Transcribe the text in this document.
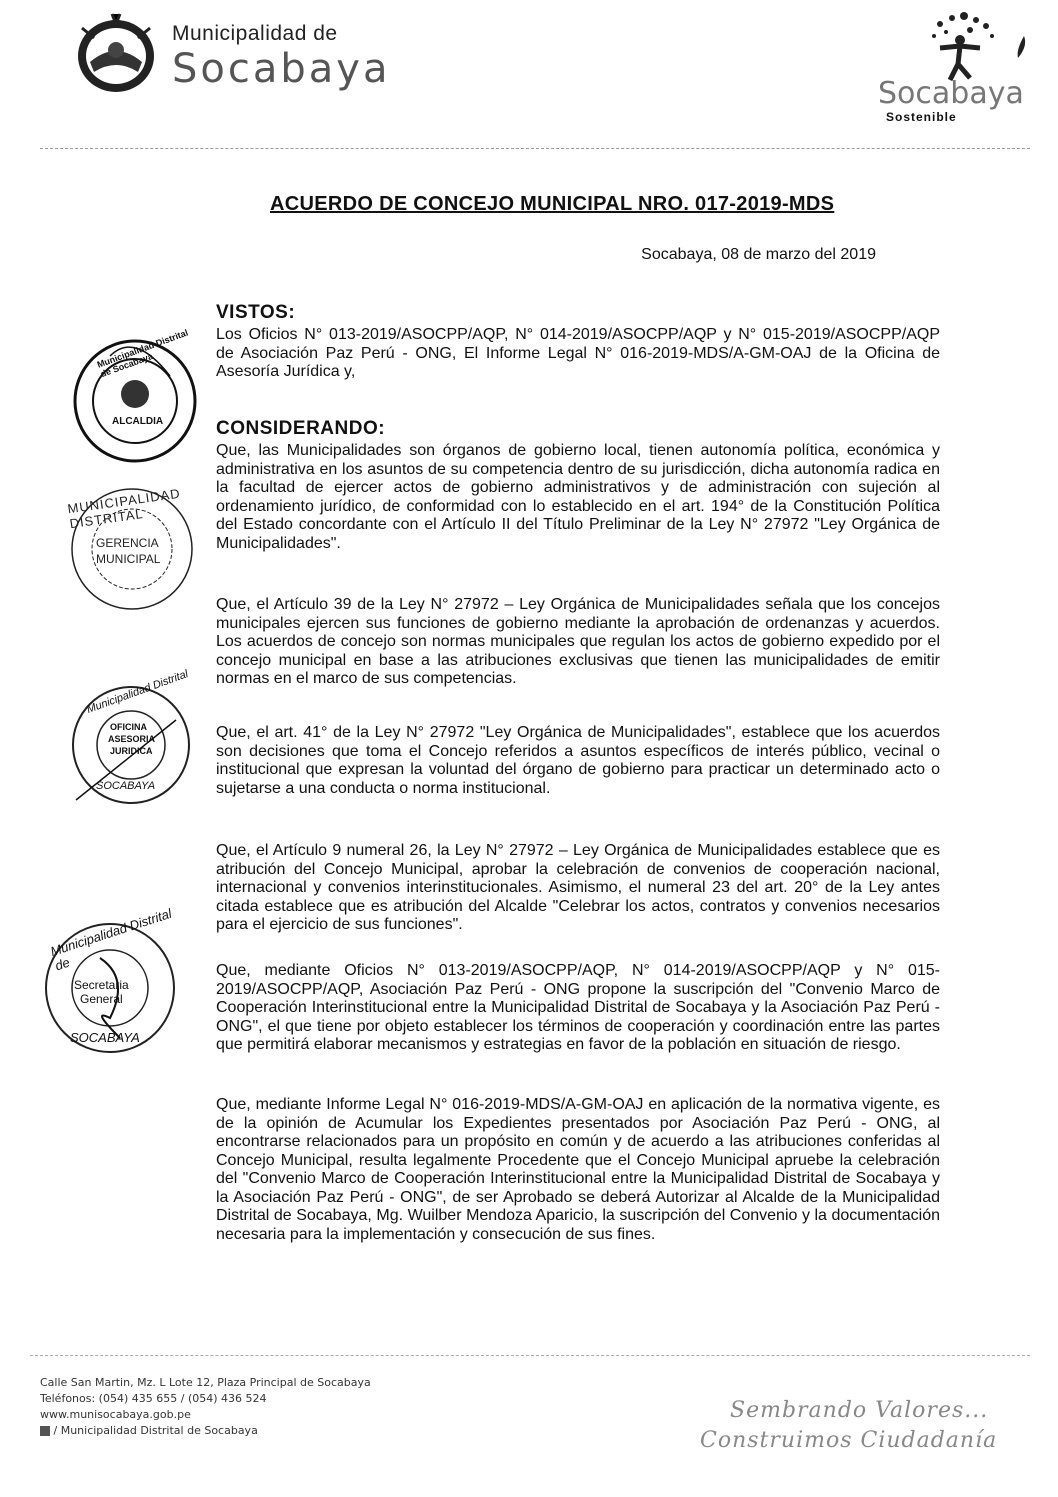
Municipalidad de
Socabaya
Socabaya
Sostenible
ACUERDO DE CONCEJO MUNICIPAL NRO. 017-2019-MDS
Socabaya, 08 de marzo del 2019
VISTOS:
Los Oficios N° 013-2019/ASOCPP/AQP, N° 014-2019/ASOCPP/AQP y N° 015-2019/ASOCPP/AQP de Asociación Paz Perú - ONG, El Informe Legal N° 016-2019-MDS/A-GM-OAJ de la Oficina de Asesoría Jurídica y,
CONSIDERANDO:
Que, las Municipalidades son órganos de gobierno local, tienen autonomía política, económica y administrativa en los asuntos de su competencia dentro de su jurisdicción, dicha autonomía radica en la facultad de ejercer actos de gobierno administrativos y de administración con sujeción al ordenamiento jurídico, de conformidad con lo establecido en el art. 194° de la Constitución Política del Estado concordante con el Artículo II del Título Preliminar de la Ley N° 27972 "Ley Orgánica de Municipalidades".
Que, el Artículo 39 de la Ley N° 27972 – Ley Orgánica de Municipalidades señala que los concejos municipales ejercen sus funciones de gobierno mediante la aprobación de ordenanzas y acuerdos. Los acuerdos de concejo son normas municipales que regulan los actos de gobierno expedido por el concejo municipal en base a las atribuciones exclusivas que tienen las municipalidades de emitir normas en el marco de sus competencias.
Que, el art. 41° de la Ley N° 27972 "Ley Orgánica de Municipalidades", establece que los acuerdos son decisiones que toma el Concejo referidos a asuntos específicos de interés público, vecinal o institucional que expresan la voluntad del órgano de gobierno para practicar un determinado acto o sujetarse a una conducta o norma institucional.
Que, el Artículo 9 numeral 26, la Ley N° 27972 – Ley Orgánica de Municipalidades establece que es atribución del Concejo Municipal, aprobar la celebración de convenios de cooperación nacional, internacional y convenios interinstitucionales. Asimismo, el numeral 23 del art. 20° de la Ley antes citada establece que es atribución del Alcalde "Celebrar los actos, contratos y convenios necesarios para el ejercicio de sus funciones".
Que, mediante Oficios N° 013-2019/ASOCPP/AQP, N° 014-2019/ASOCPP/AQP y N° 015-2019/ASOCPP/AQP, Asociación Paz Perú - ONG propone la suscripción del "Convenio Marco de Cooperación Interinstitucional entre la Municipalidad Distrital de Socabaya y la Asociación Paz Perú - ONG", el que tiene por objeto establecer los términos de cooperación y coordinación entre las partes que permitirá elaborar mecanismos y estrategias en favor de la población en situación de riesgo.
Que, mediante Informe Legal N° 016-2019-MDS/A-GM-OAJ en aplicación de la normativa vigente, es de la opinión de Acumular los Expedientes presentados por Asociación Paz Perú - ONG, al encontrarse relacionados para un propósito en común y de acuerdo a las atribuciones conferidas al Concejo Municipal, resulta legalmente Procedente que el Concejo Municipal apruebe la celebración del "Convenio Marco de Cooperación Interinstitucional entre la Municipalidad Distrital de Socabaya y la Asociación Paz Perú - ONG", de ser Aprobado se deberá Autorizar al Alcalde de la Municipalidad Distrital de Socabaya, Mg. Wuilber Mendoza Aparicio, la suscripción del Convenio y la documentación necesaria para la implementación y consecución de sus fines.
Municipalidad Distrital de Socabaya
ALCALDIA
MUNICIPALIDAD DISTRITAL
GERENCIA
MUNICIPAL
Municipalidad Distrital
OFICINA
ASESORIA
JURIDICA
SOCABAYA
Municipalidad Distrital de
Secretaria
General
SOCABAYA
Calle San Martin, Mz. L Lote 12, Plaza Principal de Socabaya
Teléfonos: (054) 435 655 / (054) 436 524
www.munisocabaya.gob.pe
/ Municipalidad Distrital de Socabaya
Sembrando Valores...
Construimos Ciudadanía
